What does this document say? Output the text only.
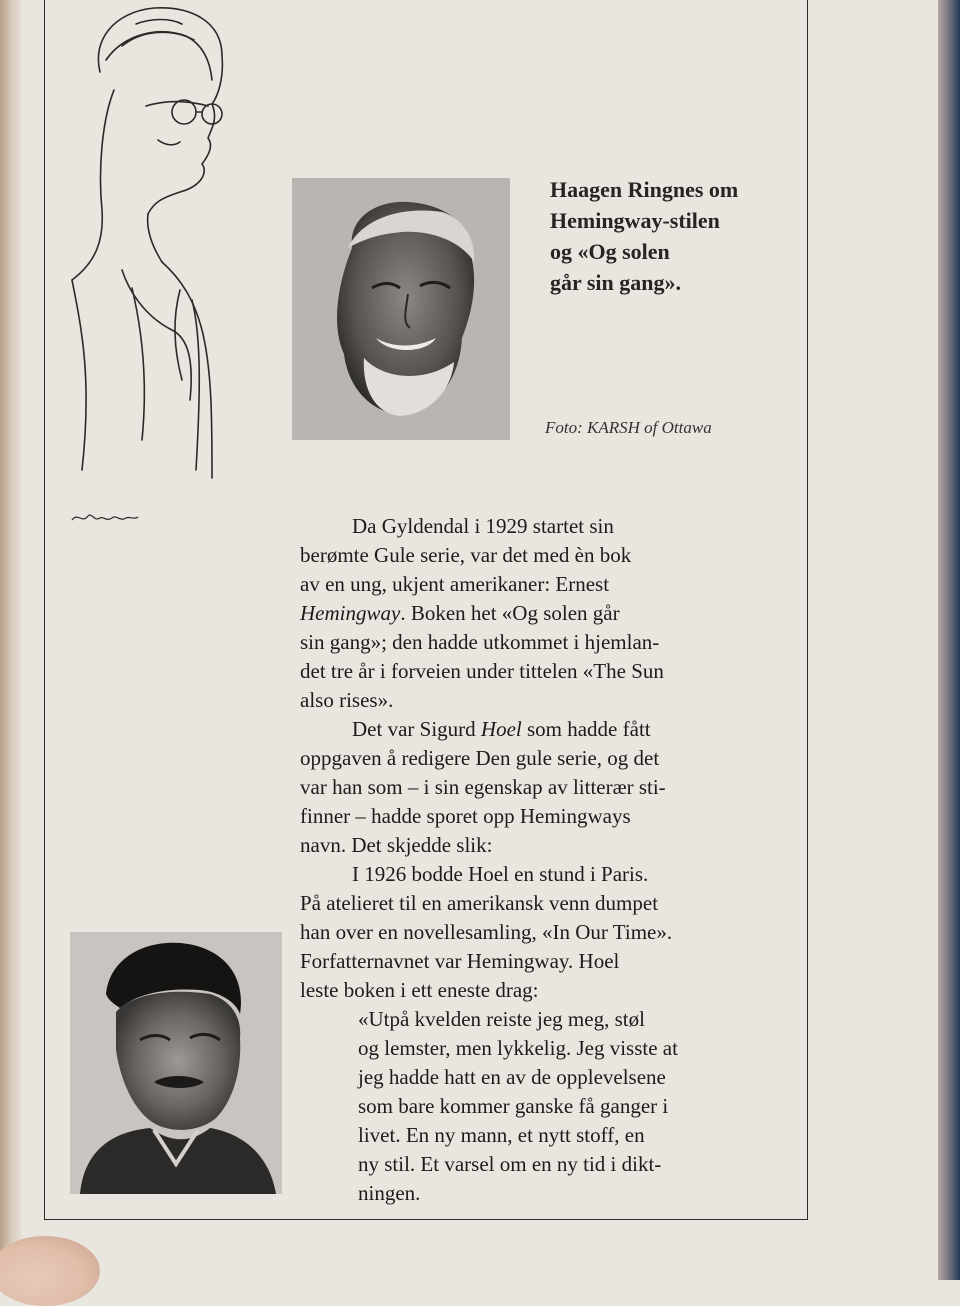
Haagen Ringnes om
Hemingway-stilen
og «Og solen
går sin gang».
Foto: KARSH of Ottawa
Da Gyldendal i 1929 startet sin
berømte Gule serie, var det med èn bok
av en ung, ukjent amerikaner: Ernest
Hemingway. Boken het «Og solen går
sin gang»; den hadde utkommet i hjemlan-
det tre år i forveien under tittelen «The Sun
also rises».
Det var Sigurd Hoel som hadde fått
oppgaven å redigere Den gule serie, og det
var han som – i sin egenskap av litterær sti-
finner – hadde sporet opp Hemingways
navn. Det skjedde slik:
I 1926 bodde Hoel en stund i Paris.
På atelieret til en amerikansk venn dumpet
han over en novellesamling, «In Our Time».
Forfatternavnet var Hemingway. Hoel
leste boken i ett eneste drag:
«Utpå kvelden reiste jeg meg, støl
og lemster, men lykkelig. Jeg visste at
jeg hadde hatt en av de opplevelsene
som bare kommer ganske få ganger i
livet. En ny mann, et nytt stoff, en
ny stil. Et varsel om en ny tid i dikt-
ningen.
